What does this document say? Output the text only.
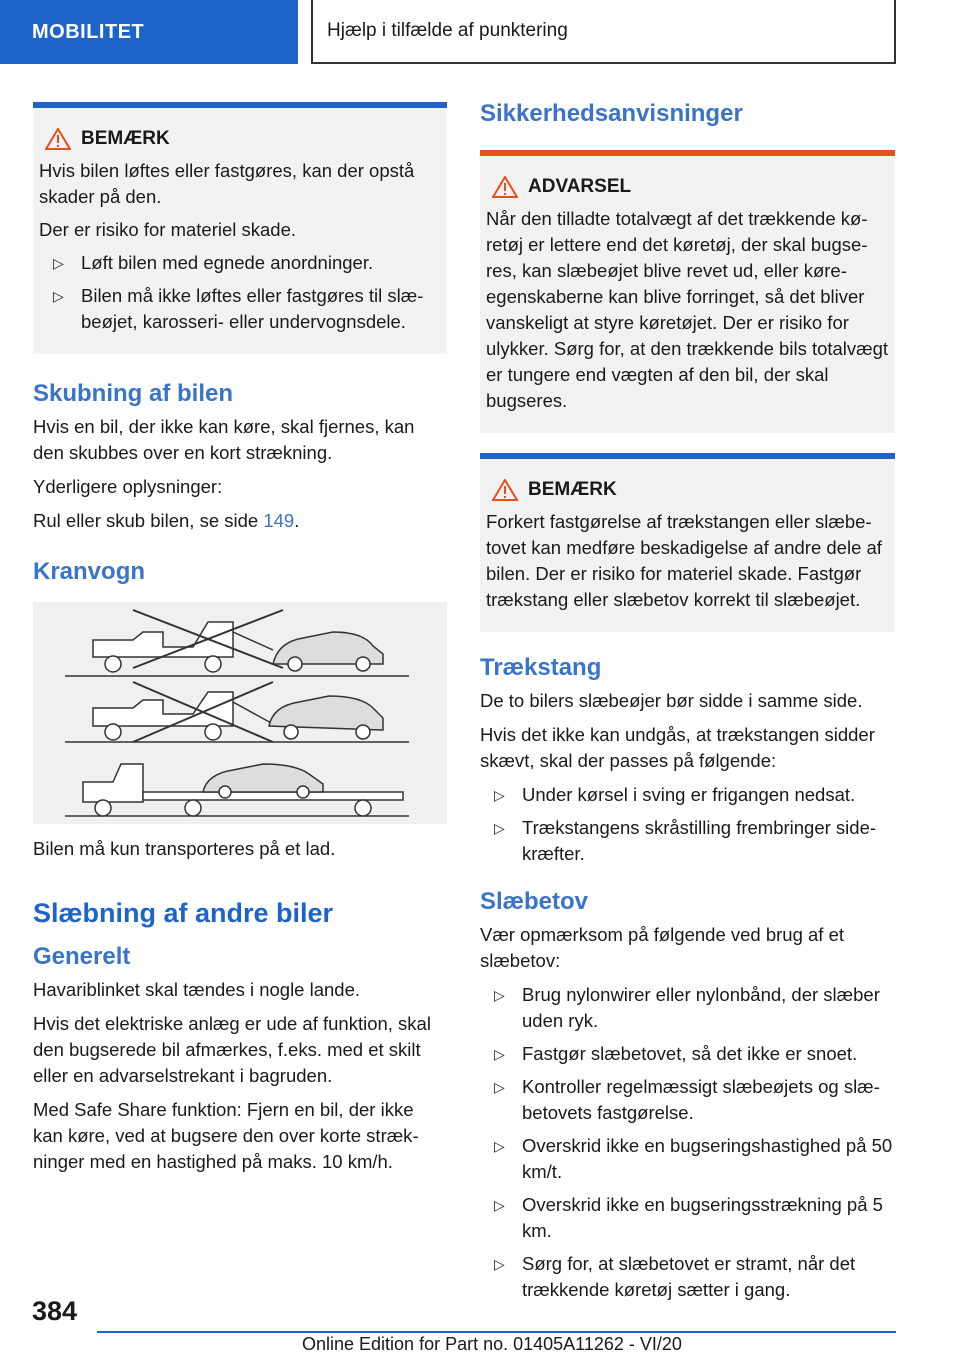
MOBILITET	Hjælp i tilfælde af punktering
BEMÆRK

Hvis bilen løftes eller fastgøres, kan der opstå skader på den.

Der er risiko for materiel skade.

▷ Løft bilen med egnede anordninger.
▷ Bilen må ikke løftes eller fastgøres til slæbeøjet, karosseri- eller undervognsdele.
Skubning af bilen

Hvis en bil, der ikke kan køre, skal fjernes, kan den skubbes over en kort strækning.

Yderligere oplysninger:

Rul eller skub bilen, se side 149.

Kranvogn

Bilen må kun transporteres på et lad.

Slæbning af andre biler
Generelt

Havariblinket skal tændes i nogle lande.

Hvis det elektriske anlæg er ude af funktion, skal den bugserede bil afmærkes, f.eks. med et skilt eller en advarselstrekant i bagruden.

Med Safe Share funktion: Fjern en bil, der ikke kan køre, ved at bugsere den over korte strækninger med en hastighed på maks. 10 km/h.

Sikkerhedsanvisninger
ADVARSEL

Når den tilladte totalvægt af det trækkende køretøj er lettere end det køretøj, der skal bugseres, kan slæbeøjet blive revet ud, eller køreegenskaberne kan blive forringet, så det bliver vanskeligt at styre køretøjet. Der er risiko for ulykker. Sørg for, at den trækkende bils totalvægt er tungere end vægten af den bil, der skal bugseres.

BEMÆRK

Forkert fastgørelse af trækstangen eller slæbetovet kan medføre beskadigelse af andre dele af bilen. Der er risiko for materiel skade. Fastgør trækstang eller slæbetov korrekt til slæbeøjet.

Trækstang

De to bilers slæbeøjer bør sidde i samme side.

Hvis det ikke kan undgås, at trækstangen sidder skævt, skal der passes på følgende:

▷ Under kørsel i sving er frigangen nedsat.
▷ Trækstangens skråstilling frembringer sidekræfter.
Slæbetov

Vær opmærksom på følgende ved brug af et slæbetov:

▷ Brug nylonwirer eller nylonbånd, der slæber uden ryk.
▷ Fastgør slæbetovet, så det ikke er snoet.
▷ Kontroller regelmæssigt slæbeøjets og slæbetovets fastgørelse.
▷ Overskrid ikke en bugseringshastighed på 50 km/t.
▷ Overskrid ikke en bugseringsstrækning på 5 km.
▷ Sørg for, at slæbetovet er stramt, når det trækkende køretøj sætter i gang.
384
Online Edition for Part no. 01405A11262 - VI/20
